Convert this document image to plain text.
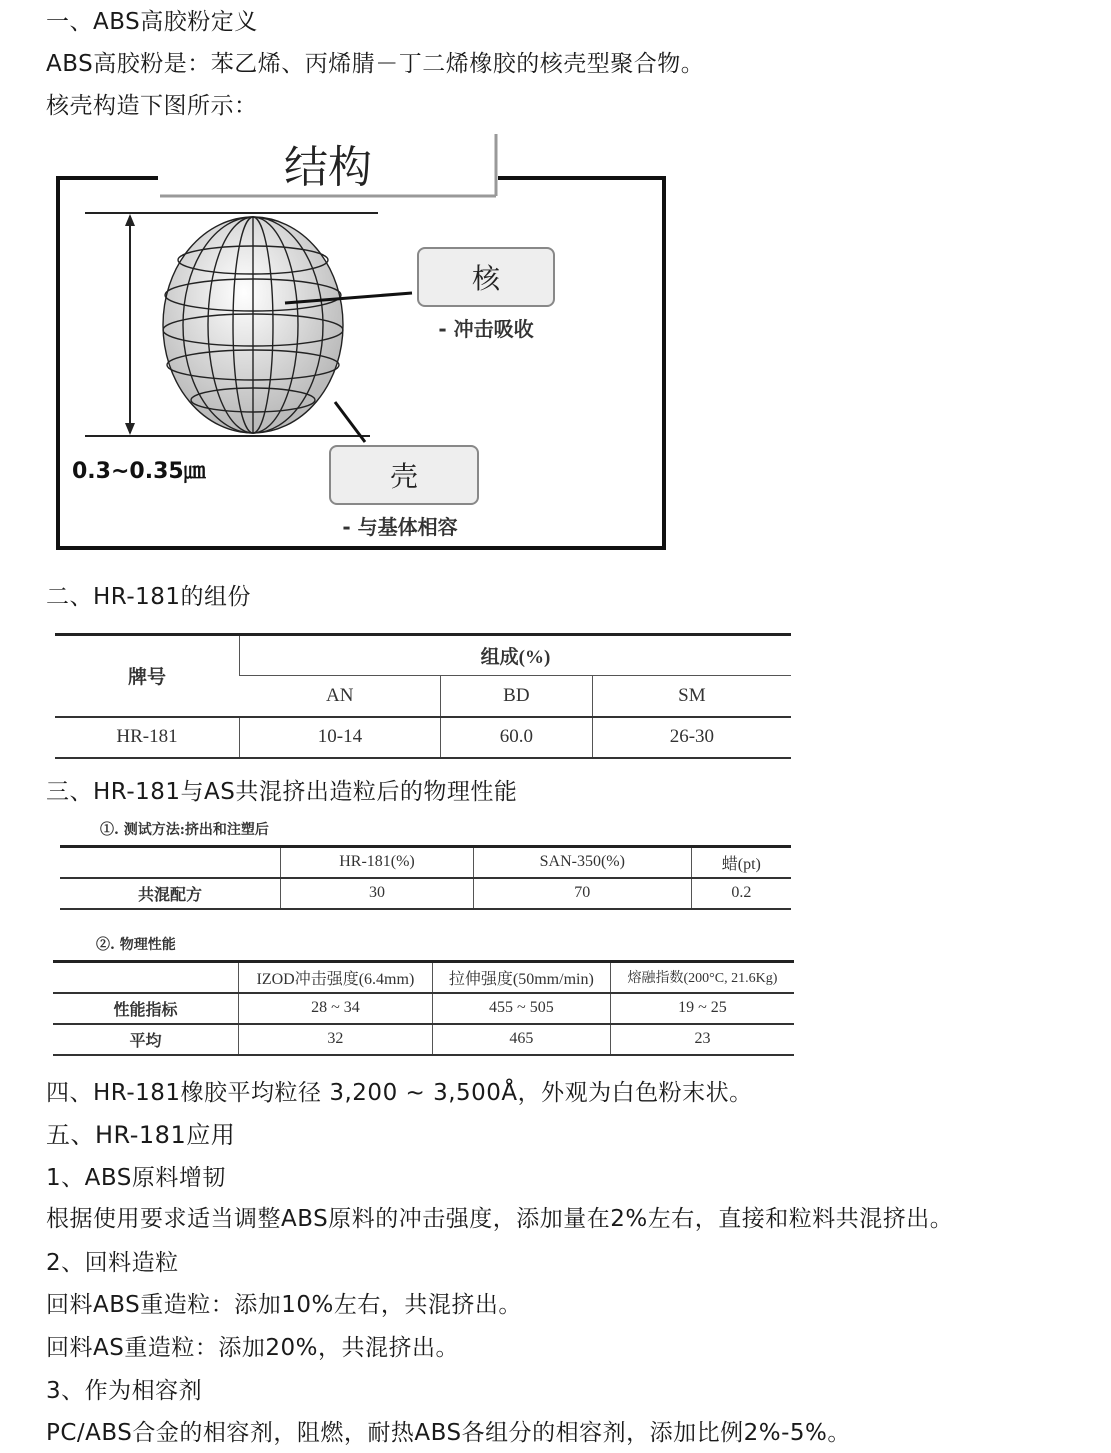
一、ABS高胶粉定义
ABS高胶粉是：苯乙烯、丙烯腈－丁二烯橡胶的核壳型聚合物。
核壳构造下图所示：
结构
核
- 冲击吸收
壳
- 与基体相容
0.3~0.35㎛
二、HR-181的组份
牌号	组成(%)		
	AN	BD	SM
HR-181	10-14	60.0	26-30
三、HR-181与AS共混挤出造粒后的物理性能
①. 测试方法:挤出和注塑后
	HR-181(%)	SAN-350(%)	蜡(pt)
共混配方	30	70	0.2
②. 物理性能
	IZOD冲击强度(6.4mm)	拉伸强度(50mm/min)	熔融指数(200°C, 21.6Kg)
性能指标	28 ~ 34	455 ~ 505	19 ~ 25
平均	32	465	23
四、HR-181橡胶平均粒径 3,200 ~ 3,500Å，外观为白色粉末状。
五、HR-181应用
1、ABS原料增韧
根据使用要求适当调整ABS原料的冲击强度，添加量在2%左右，直接和粒料共混挤出。
2、回料造粒
回料ABS重造粒：添加10%左右，共混挤出。
回料AS重造粒：添加20%，共混挤出。
3、作为相容剂
PC/ABS合金的相容剂，阻燃，耐热ABS各组分的相容剂，添加比例2%-5%。
